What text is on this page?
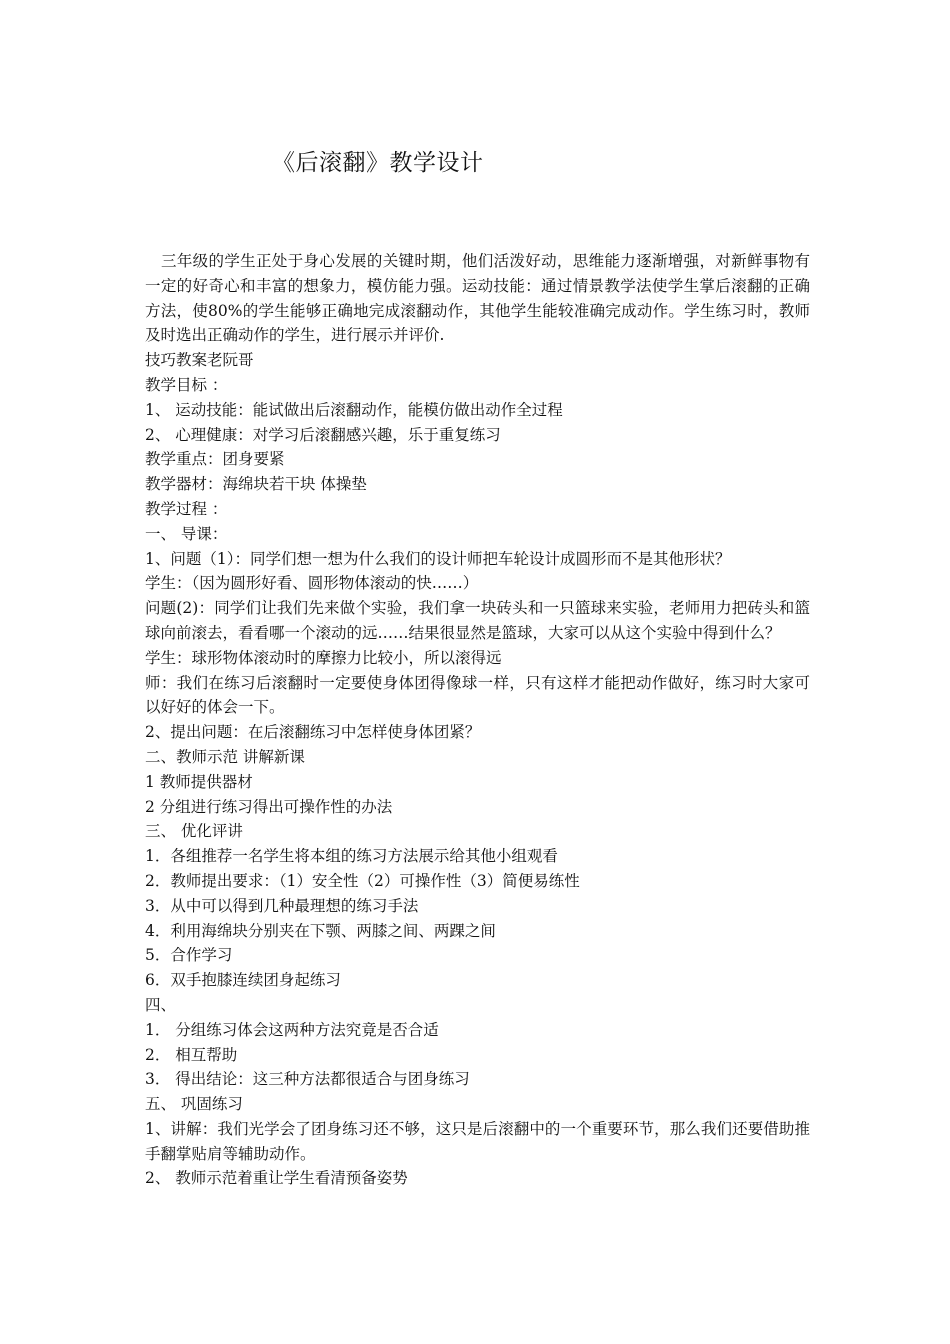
《后滚翻》教学设计
三年级的学生正处于身心发展的关键时期，他们活泼好动，思维能力逐渐增强，对新鲜事物有一定的好奇心和丰富的想象力，模仿能力强。运动技能：通过情景教学法使学生掌后滚翻的正确方法，使80%的学生能够正确地完成滚翻动作，其他学生能较准确完成动作。学生练习时，教师及时选出正确动作的学生，进行展示并评价.
技巧教案老阮哥
教学目标 ：
1、 运动技能：能试做出后滚翻动作，能模仿做出动作全过程
2、 心理健康：对学习后滚翻感兴趣，乐于重复练习
教学重点：团身要紧
教学器材：海绵块若干块 体操垫
教学过程 ：
一、 导课：
1、问题（1）：同学们想一想为什么我们的设计师把车轮设计成圆形而不是其他形状？
学生：（因为圆形好看、圆形物体滚动的快……）
问题(2)：同学们让我们先来做个实验，我们拿一块砖头和一只篮球来实验，老师用力把砖头和篮球向前滚去，看看哪一个滚动的远……结果很显然是篮球，大家可以从这个实验中得到什么？
学生：球形物体滚动时的摩擦力比较小，所以滚得远
师：我们在练习后滚翻时一定要使身体团得像球一样，只有这样才能把动作做好，练习时大家可以好好的体会一下。
2、提出问题：在后滚翻练习中怎样使身体团紧？
二、教师示范 讲解新课
1 教师提供器材
2 分组进行练习得出可操作性的办法
三、 优化评讲
1．各组推荐一名学生将本组的练习方法展示给其他小组观看
2．教师提出要求：（1）安全性（2）可操作性（3）简便易练性
3．从中可以得到几种最理想的练习手法
4．利用海绵块分别夹在下颚、两膝之间、两踝之间
5．合作学习
6．双手抱膝连续团身起练习
四、
1． 分组练习体会这两种方法究竟是否合适
2． 相互帮助
3． 得出结论：这三种方法都很适合与团身练习
五、 巩固练习
1、讲解：我们光学会了团身练习还不够，这只是后滚翻中的一个重要环节，那么我们还要借助推手翻掌贴肩等辅助动作。
2、 教师示范着重让学生看清预备姿势
